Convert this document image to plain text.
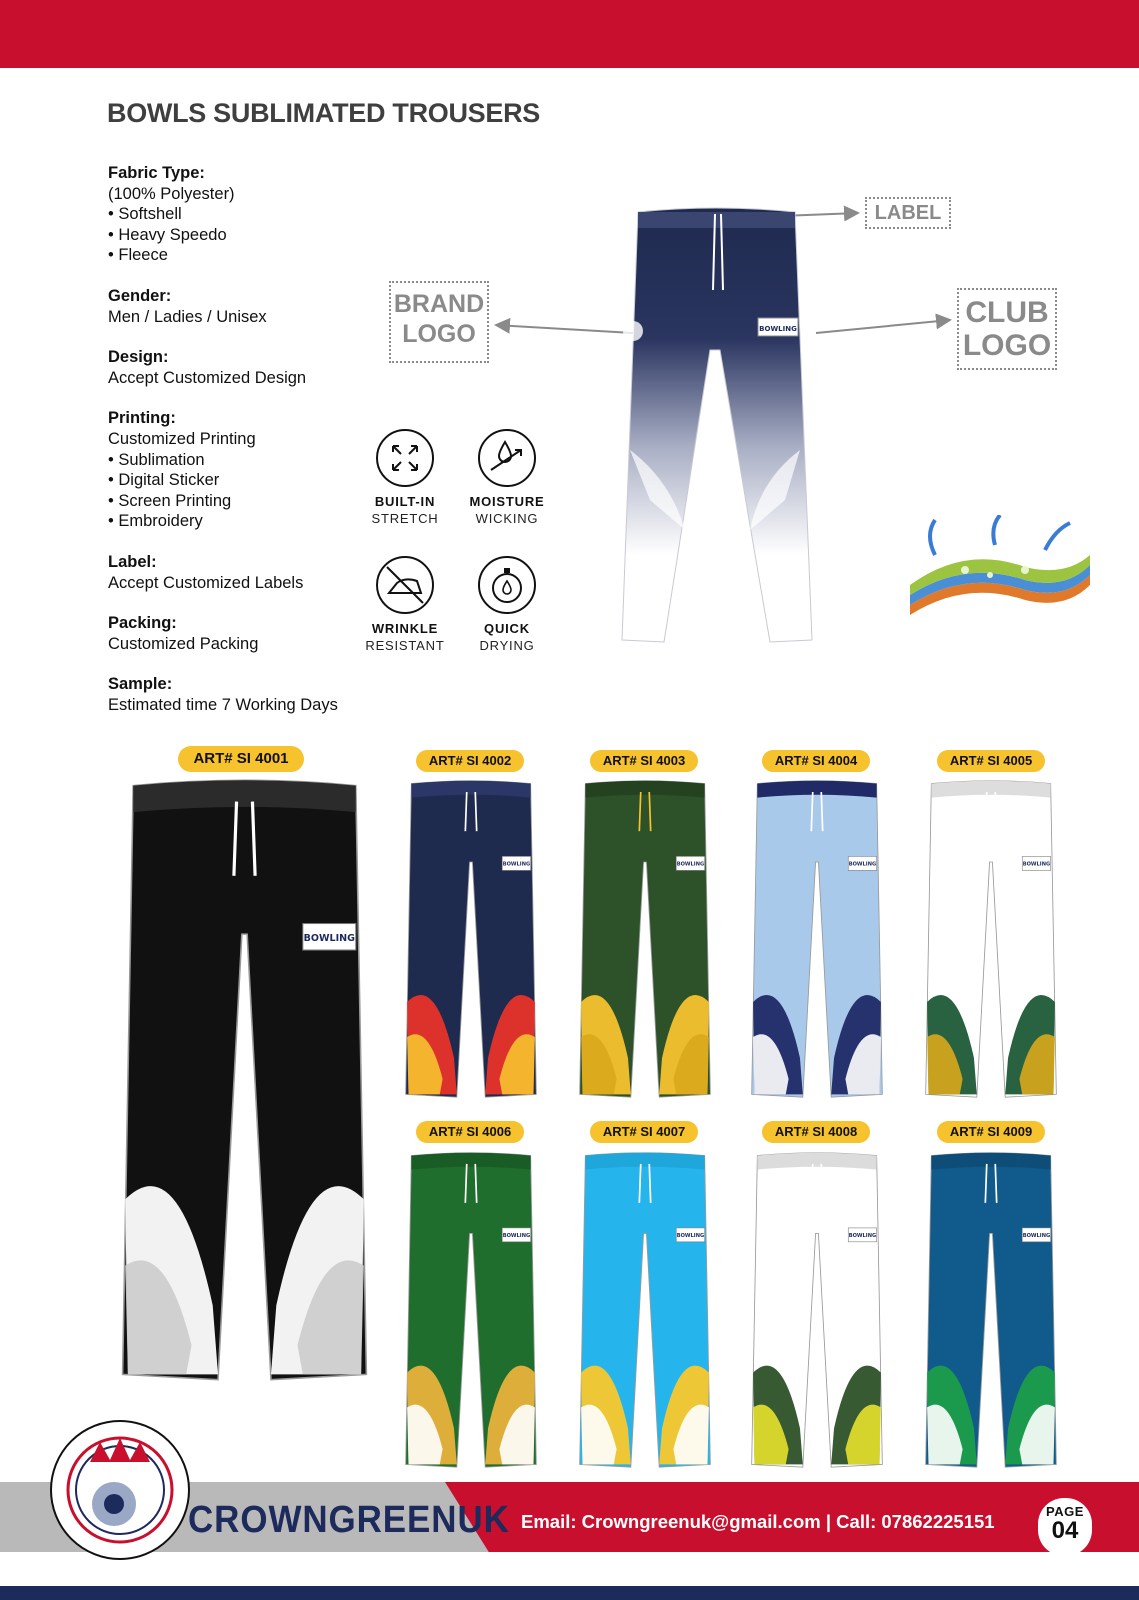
BOWLS SUBLIMATED TROUSERS
Fabric Type:
(100% Polyester)
• Softshell
• Heavy Speedo
• Fleece
Gender:
Men / Ladies / Unisex
Design:
Accept Customized Design
Printing:
Customized Printing
• Sublimation
• Digital Sticker
• Screen Printing
• Embroidery
Label:
Accept Customized Labels
Packing:
Customized Packing
Sample:
Estimated time 7 Working Days
LABEL
BRAND
LOGO
CLUB
LOGO
BOWLING
BUILT-IN
STRETCH
MOISTURE
WICKING
WRINKLE
RESISTANT
QUICK
DRYING
ART# SI 4001
BOWLING
ART# SI 4002
BOWLING
ART# SI 4003
BOWLING
ART# SI 4004
BOWLING
ART# SI 4005
BOWLING
ART# SI 4006
BOWLING
ART# SI 4007
BOWLING
ART# SI 4008
BOWLING
ART# SI 4009
BOWLING
CROWNGREENUK Email: Crowngreenuk@gmail.com | Call: 07862225151	PAGE
04
